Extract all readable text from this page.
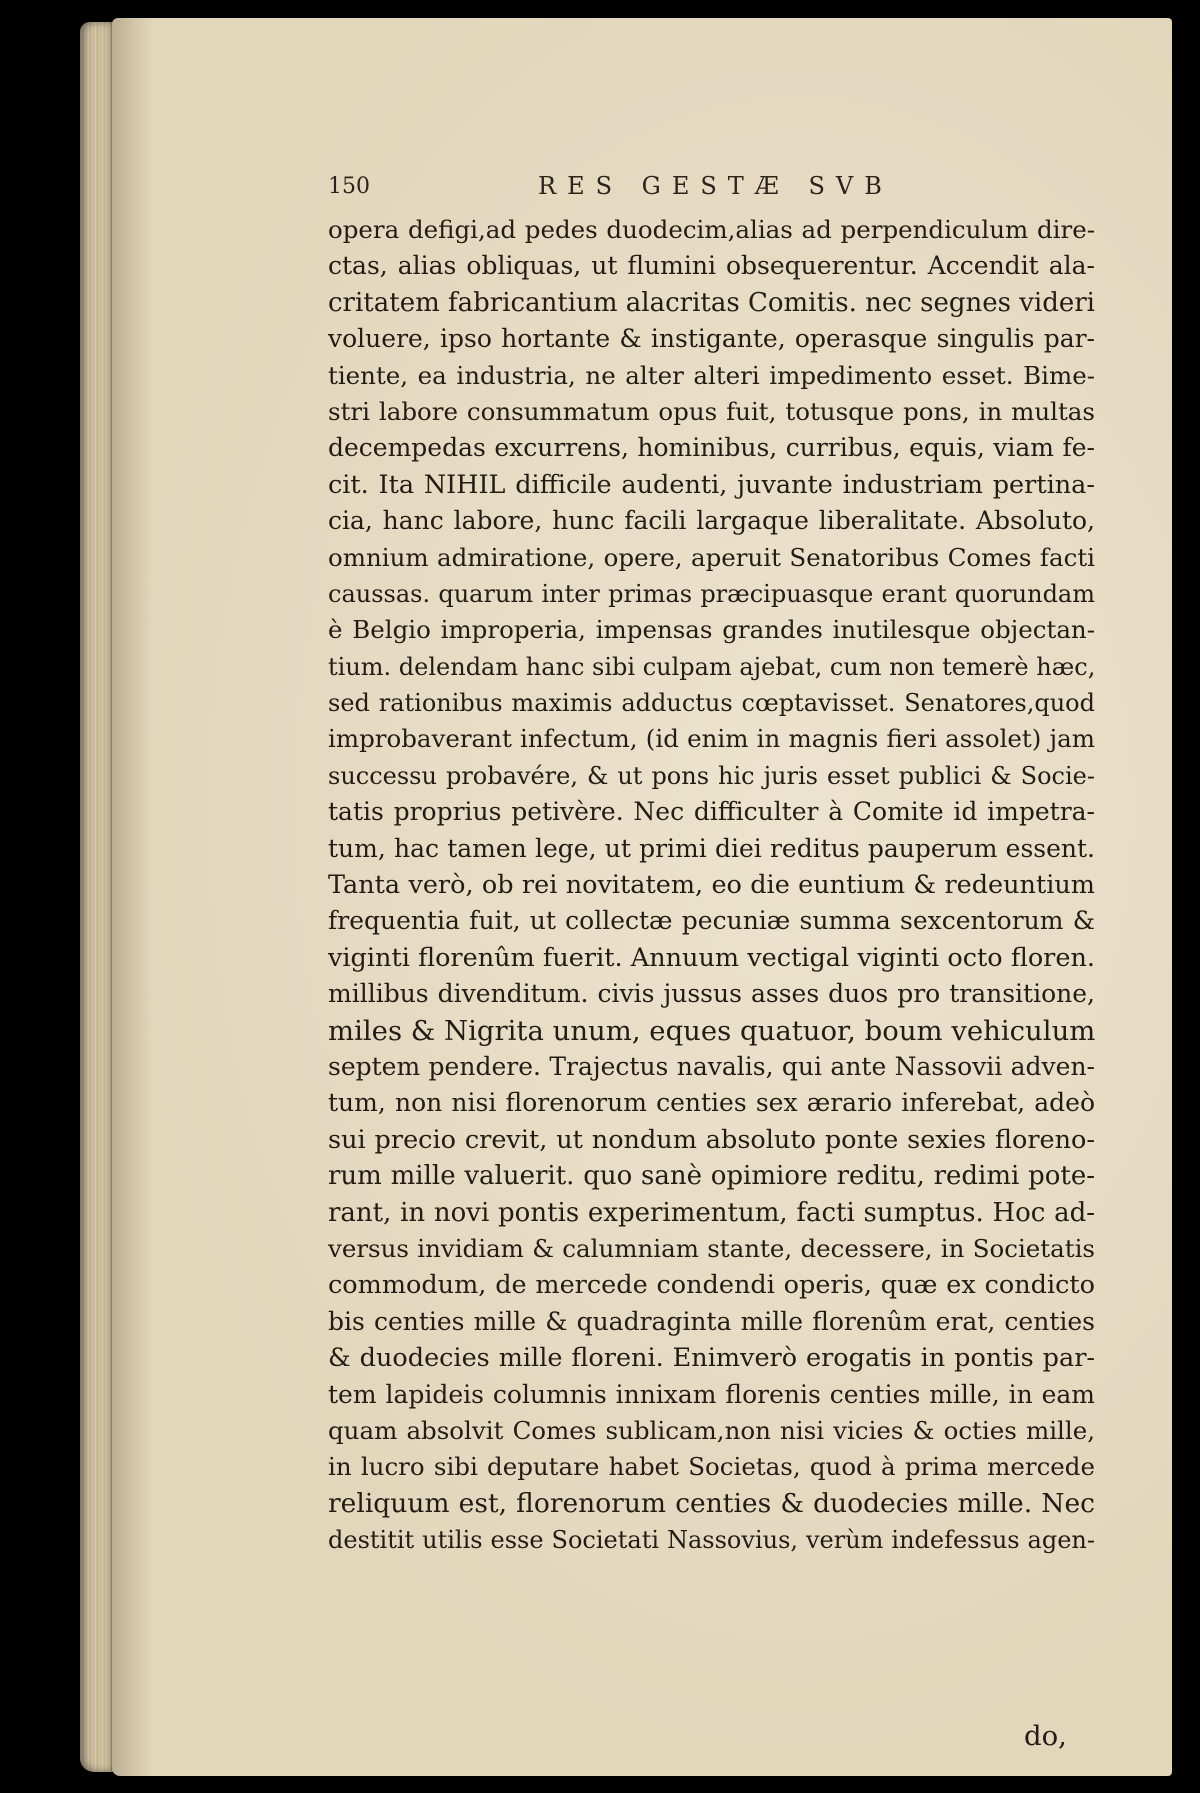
150	RES GESTÆ SVB
opera defigi,ad pedes duodecim,alias ad perpendiculum dire-
ctas, alias obliquas, ut flumini obsequerentur. Accendit ala-
critatem fabricantium alacritas Comitis. nec segnes videri
voluere, ipso hortante & instigante, operasque singulis par-
tiente, ea industria, ne alter alteri impedimento esset. Bime-
stri labore consummatum opus fuit, totusque pons, in multas
decempedas excurrens, hominibus, curribus, equis, viam fe-
cit. Ita NIHIL difficile audenti, juvante industriam pertina-
cia, hanc labore, hunc facili largaque liberalitate. Absoluto,
omnium admiratione, opere, aperuit Senatoribus Comes facti
caussas. quarum inter primas præcipuasque erant quorundam
è Belgio improperia, impensas grandes inutilesque objectan-
tium. delendam hanc sibi culpam ajebat, cum non temerè hæc,
sed rationibus maximis adductus cœptavisset. Senatores,quod
improbaverant infectum, (id enim in magnis fieri assolet) jam
successu probavére, & ut pons hic juris esset publici & Socie-
tatis proprius petivère. Nec difficulter à Comite id impetra-
tum, hac tamen lege, ut primi diei reditus pauperum essent.
Tanta verò, ob rei novitatem, eo die euntium & redeuntium
frequentia fuit, ut collectæ pecuniæ summa sexcentorum &
viginti florenûm fuerit. Annuum vectigal viginti octo floren.
millibus divenditum. civis jussus asses duos pro transitione,
miles & Nigrita unum, eques quatuor, boum vehiculum
septem pendere. Trajectus navalis, qui ante Nassovii adven-
tum, non nisi florenorum centies sex ærario inferebat, adeò
sui precio crevit, ut nondum absoluto ponte sexies floreno-
rum mille valuerit. quo sanè opimiore reditu, redimi pote-
rant, in novi pontis experimentum, facti sumptus. Hoc ad-
versus invidiam & calumniam stante, decessere, in Societatis
commodum, de mercede condendi operis, quæ ex condicto
bis centies mille & quadraginta mille florenûm erat, centies
& duodecies mille floreni. Enimverò erogatis in pontis par-
tem lapideis columnis innixam florenis centies mille, in eam
quam absolvit Comes sublicam,non nisi vicies & octies mille,
in lucro sibi deputare habet Societas, quod à prima mercede
reliquum est, florenorum centies & duodecies mille. Nec
destitit utilis esse Societati Nassovius, verùm indefessus agen-
do,
